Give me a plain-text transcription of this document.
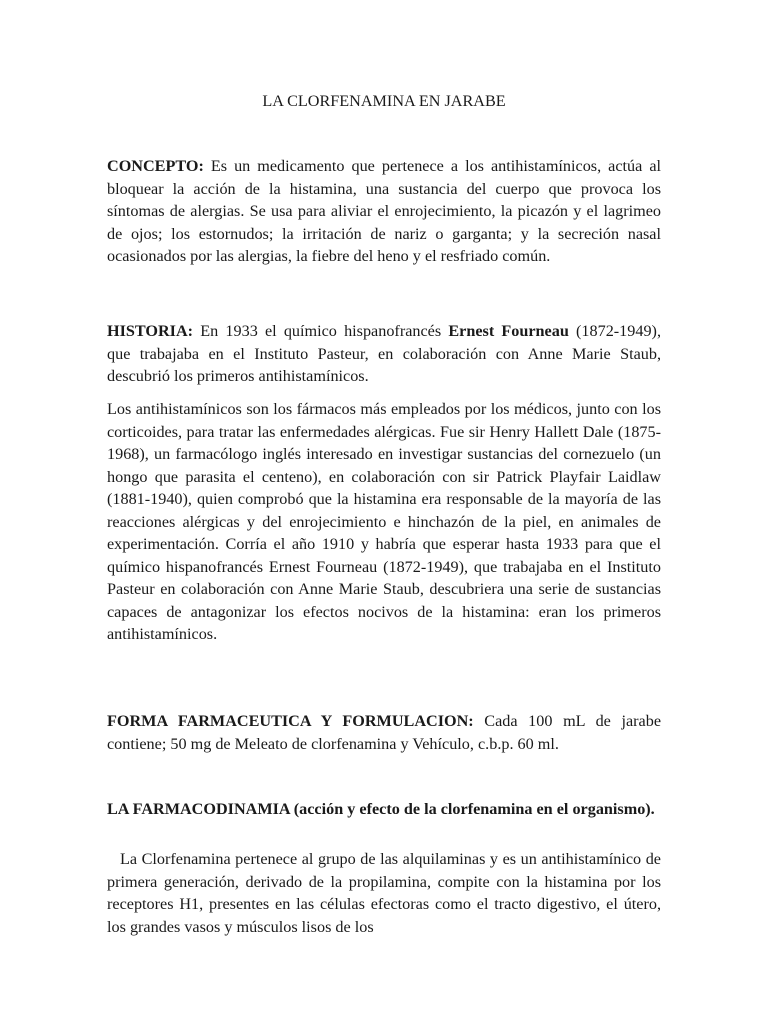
LA CLORFENAMINA EN JARABE

CONCEPTO: Es un medicamento que pertenece a los antihistamínicos, actúa al bloquear la acción de la histamina, una sustancia del cuerpo que provoca los síntomas de alergias. Se usa para aliviar el enrojecimiento, la picazón y el lagrimeo de ojos; los estornudos; la irritación de nariz o garganta; y la secreción nasal ocasionados por las alergias, la fiebre del heno y el resfriado común.

HISTORIA: En 1933 el químico hispanofrancés Ernest Fourneau (1872-1949), que trabajaba en el Instituto Pasteur, en colaboración con Anne Marie Staub, descubrió los primeros antihistamínicos.

Los antihistamínicos son los fármacos más empleados por los médicos, junto con los corticoides, para tratar las enfermedades alérgicas. Fue sir Henry Hallett Dale (1875-1968), un farmacólogo inglés interesado en investigar sustancias del cornezuelo (un hongo que parasita el centeno), en colaboración con sir Patrick Playfair Laidlaw (1881-1940), quien comprobó que la histamina era responsable de la mayoría de las reacciones alérgicas y del enrojecimiento e hinchazón de la piel, en animales de experimentación. Corría el año 1910 y habría que esperar hasta 1933 para que el químico hispanofrancés Ernest Fourneau (1872-1949), que trabajaba en el Instituto Pasteur en colaboración con Anne Marie Staub, descubriera una serie de sustancias capaces de antagonizar los efectos nocivos de la histamina: eran los primeros antihistamínicos.

FORMA FARMACEUTICA Y FORMULACION: Cada 100 mL de jarabe contiene; 50 mg de Meleato de clorfenamina y Vehículo, c.b.p. 60 ml.

LA FARMACODINAMIA (acción y efecto de la clorfenamina en el organismo).

La Clorfenamina pertenece al grupo de las alquilaminas y es un antihistamínico de primera generación, derivado de la propilamina, compite con la histamina por los receptores H1, presentes en las células efectoras como el tracto digestivo, el útero, los grandes vasos y músculos lisos de los
